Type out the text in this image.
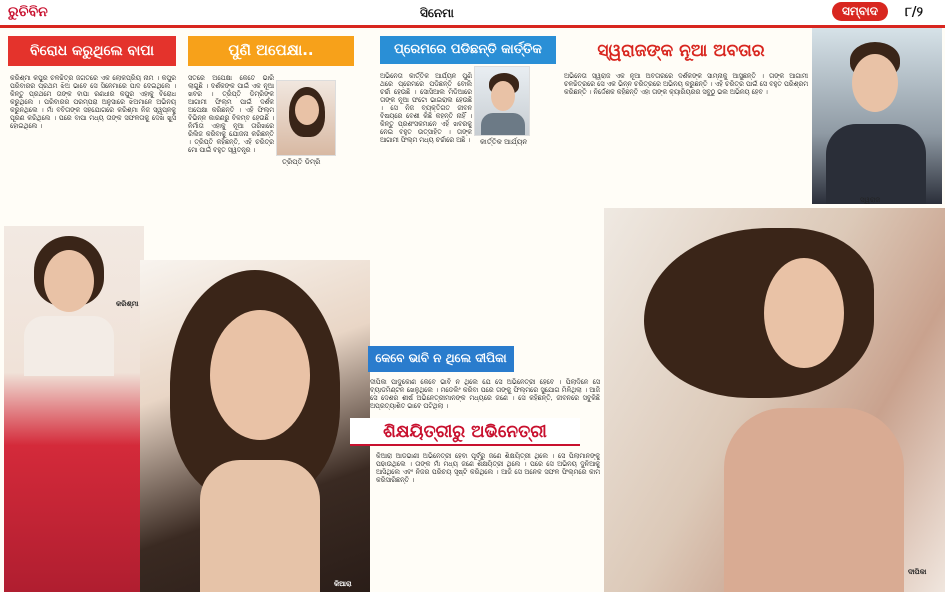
ରୁଚିବିନ	ସିନେମା	ସମ୍ବାଦ	୮/୨
ବିରୋଧ କରୁଥିଲେ ବାପା	ପୁଣି ଅପେକ୍ଷା..	ପ୍ରେମରେ ପଡିଛନ୍ତି କାର୍ତ୍ତିକ	ସ୍ୱରାଜଙ୍କ ନୂଆ ଅବତାର
କେବେ ଭାବି ନ ଥିଲେ ଦୀପିକା
ଶିକ୍ଷୟିତ୍ରୀରୁ ଅଭିନେତ୍ରୀ
କରିଶ୍ମା କପୁର ଚଳଚ୍ଚିତ୍ର ଜଗତରେ ଏକ ଲୋକପ୍ରିୟ ନାମ । କପୁର ପରିବାରର ପ୍ରଥମ ଝିଅ ଭାବେ ସେ ସିନେମାରେ ପାଦ ଦେଇଥିଲେ । କିନ୍ତୁ ପ୍ରଥମେ ତାଙ୍କ ବାପା ରଣଧୀର କପୁର ଏହାକୁ ବିରୋଧ କରୁଥିଲେ । ପରିବାରର ପରମ୍ପରା ଅନୁସାରେ ଝିଅମାନେ ଅଭିନୟ କରୁନଥିଲେ । ମାଁ ବବିତାଙ୍କ ସହଯୋଗରେ କରିଶ୍ମା ନିଜ ସ୍ୱପ୍ନକୁ ପୂରଣ କରିଥିଲେ । ପରେ ବାପା ମଧ୍ୟ ତାଙ୍କ ସଫଳତାକୁ ଦେଖି ଖୁସି ହୋଇଥିଲେ ।
ସତରେ ଅପେକ୍ଷା କେତେ ଭାରି ଲାଗୁଛି । ଦର୍ଶକଙ୍କ ପାଇଁ ଏକ ନୂଆ ଖବର । ତ୍ରିପ୍ତି ଡିମ୍ରିଙ୍କ ଆଗାମୀ ଫିଲ୍ମ ପାଇଁ ଦର୍ଶକ ଅପେକ୍ଷା କରିଛନ୍ତି । ଏହି ଫିଲ୍ମ ବିଭିନ୍ନ କାରଣରୁ ବିଳମ୍ବ ହେଉଛି । ନିର୍ମାତା ଏହାକୁ ନୂଆ ତାରିଖରେ ରିଲିଜ କରିବାକୁ ଯୋଜନା କରିଛନ୍ତି । ତ୍ରିପ୍ତି କହିଛନ୍ତି, ଏହି ଚରିତ୍ର ମୋ ପାଇଁ ବହୁତ ସ୍ୱତନ୍ତ୍ର ।
ଅଭିନେତା କାର୍ତ୍ତିକ ଆର୍ଯ୍ୟନ ପୁଣି ଥରେ ପ୍ରେମରେ ପଡିଛନ୍ତି ବୋଲି ଚର୍ଚ୍ଚା ହେଉଛି । ସୋସିଆଲ ମିଡିଆରେ ତାଙ୍କ ନୂଆ ଫଟୋ ଭାଇରାଲ ହେଉଛି । ସେ ନିଜ ବ୍ୟକ୍ତିଗତ ଜୀବନ ବିଷୟରେ ବେଶୀ କିଛି କହନ୍ତି ନାହିଁ । କିନ୍ତୁ ପ୍ରଶଂସକମାନେ ଏହି ଖବରକୁ ନେଇ ବହୁତ ଉତ୍ସାହିତ । ତାଙ୍କ ଆଗାମୀ ଫିଲ୍ମ ମଧ୍ୟ ଚର୍ଚ୍ଚାରେ ଅଛି ।
ଅଭିନେତା ସ୍ୱରାଜ ଏକ ନୂଆ ଅବତାରରେ ଦର୍ଶକଙ୍କ ସାମ୍ନାକୁ ଆସୁଛନ୍ତି । ତାଙ୍କ ଆଗାମୀ ଚଳଚ୍ଚିତ୍ରରେ ସେ ଏକ ଭିନ୍ନ ଚରିତ୍ରରେ ଅଭିନୟ କରୁଛନ୍ତି । ଏହି ଚରିତ୍ର ପାଇଁ ସେ ବହୁତ ପରିଶ୍ରମ କରିଛନ୍ତି । ନିର୍ଦ୍ଦେଶକ କହିଛନ୍ତି ଏହା ତାଙ୍କ କ୍ୟାରିୟରର ସବୁଠୁ ଭଲ ଅଭିନୟ ହେବ ।
ଦୀପିକା ପାଦୁକୋଣ କେବେ ଭାବି ନ ଥିଲେ ଯେ ସେ ଅଭିନେତ୍ରୀ ହେବେ । ପିଲାଦିନେ ସେ ବ୍ୟାଡମିଣ୍ଟନ ଖେଳୁଥିଲେ । ମଡେଲିଂ କରିବା ପରେ ତାଙ୍କୁ ଫିଲ୍ମରେ ସୁଯୋଗ ମିଳିଥିଲା । ଆଜି ସେ ଦେଶର ଶୀର୍ଷ ଅଭିନେତ୍ରୀମାନଙ୍କ ମଧ୍ୟରେ ଜଣେ । ସେ କହିଛନ୍ତି, ଜୀବନରେ ସବୁକିଛି ଅପ୍ରତ୍ୟାଶିତ ଭାବେ ଘଟିଥିଲା ।
କିଆରା ଆଡଭାଣୀ ଅଭିନେତ୍ରୀ ହେବା ପୂର୍ବରୁ ଜଣେ ଶିକ୍ଷୟିତ୍ରୀ ଥିଲେ । ସେ ପିଲାମାନଙ୍କୁ ପଢାଉଥିଲେ । ତାଙ୍କ ମାଁ ମଧ୍ୟ ଜଣେ ଶିକ୍ଷୟିତ୍ରୀ ଥିଲେ । ପରେ ସେ ଅଭିନୟ ଦୁନିଆକୁ ଆସିଥିଲେ ଏବଂ ନିଜର ପରିଚୟ ସୃଷ୍ଟି କରିଥିଲେ । ଆଜି ସେ ଅନେକ ସଫଳ ଫିଲ୍ମରେ କାମ କରିସାରିଛନ୍ତି ।
କରିଶ୍ମା
ତ୍ରିପ୍ତି ଡିମ୍ରି
କାର୍ତ୍ତିକ ଆର୍ଯ୍ୟନ
ସ୍ୱରାଜ
କିଆରା
ଦୀପିକା
